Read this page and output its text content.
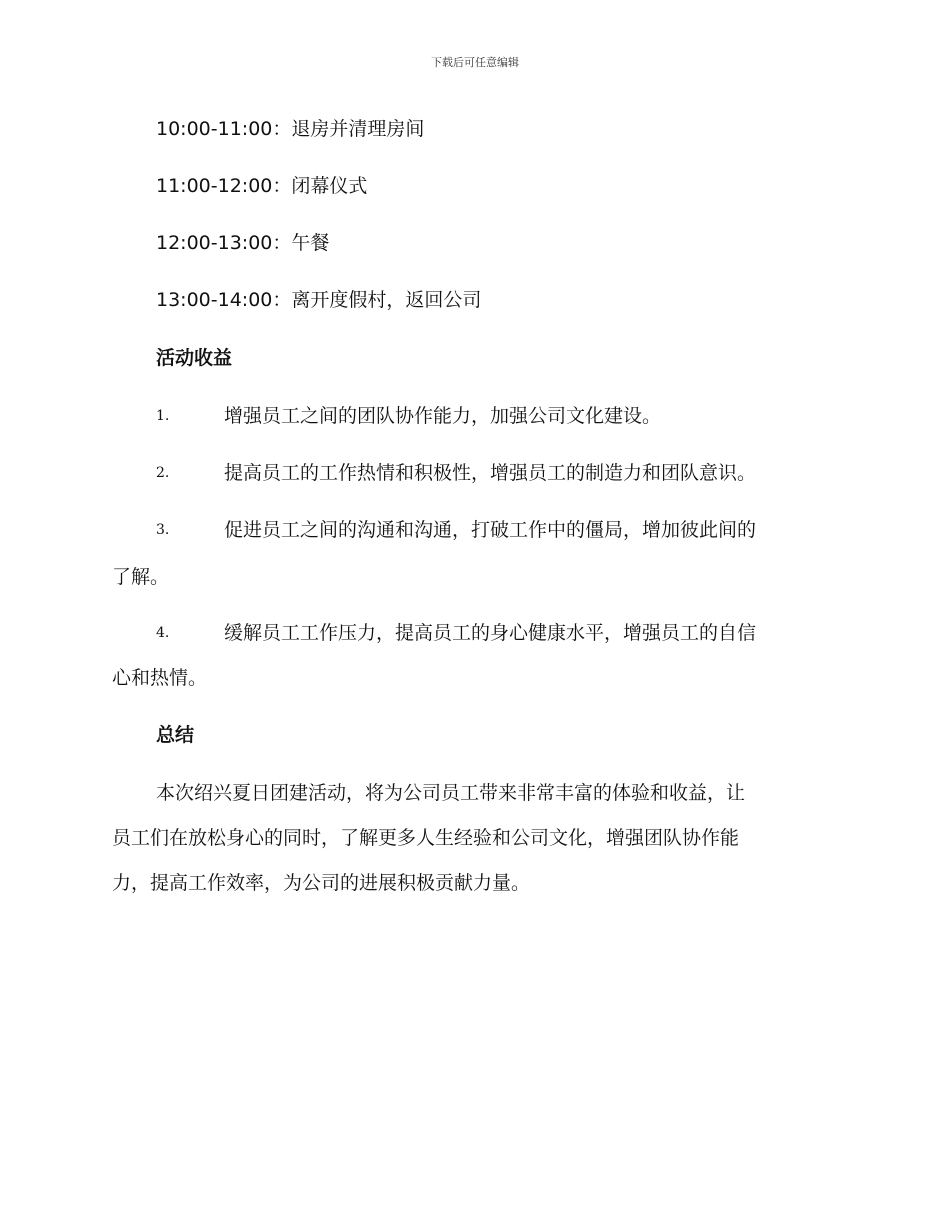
下载后可任意编辑
10:00-11:00：退房并清理房间
11:00-12:00：闭幕仪式
12:00-13:00：午餐
13:00-14:00：离开度假村，返回公司
活动收益
1.	增强员工之间的团队协作能力，加强公司文化建设。
2.	提高员工的工作热情和积极性，增强员工的制造力和团队意识。
3.	促进员工之间的沟通和沟通，打破工作中的僵局，增加彼此间的
了解。
4.	缓解员工工作压力，提高员工的身心健康水平，增强员工的自信
心和热情。
总结
本次绍兴夏日团建活动，将为公司员工带来非常丰富的体验和收益，让
员工们在放松身心的同时，了解更多人生经验和公司文化，增强团队协作能
力，提高工作效率，为公司的进展积极贡献力量。
